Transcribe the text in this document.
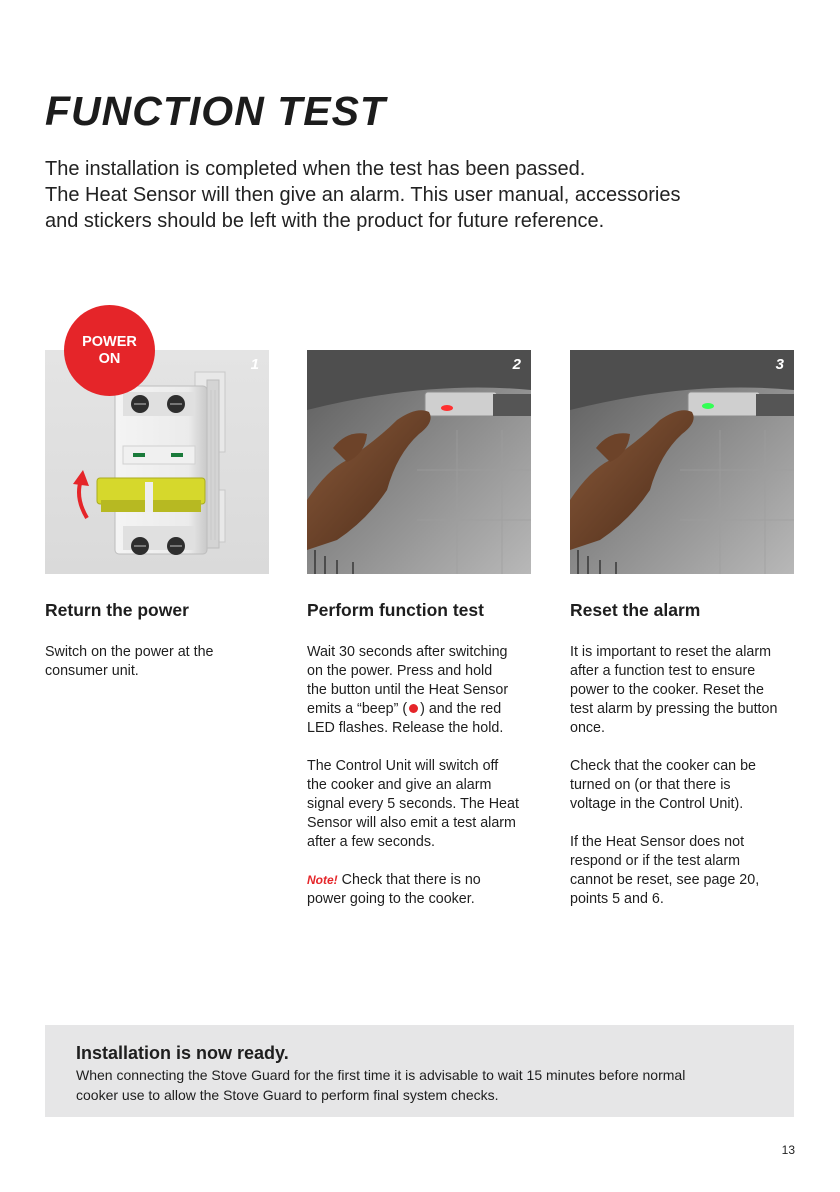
FUNCTION TEST
The installation is completed when the test has been passed.
The Heat Sensor will then give an alarm. This user manual, accessories
and stickers should be left with the product for future reference.
1	2	3
POWER
ON
Return the power

Switch on the power at the
consumer unit.

Perform function test

Wait 30 seconds after switching
on the power. Press and hold
the button until the Heat Sensor
emits a “beep” ( ) and the red
LED flashes. Release the hold.

The Control Unit will switch off
the cooker and give an alarm
signal every 5 seconds. The Heat
Sensor will also emit a test alarm
after a few seconds.

Note! Check that there is no
power going to the cooker.

Reset the alarm

It is important to reset the alarm
after a function test to ensure
power to the cooker. Reset the
test alarm by pressing the button
once.

Check that the cooker can be
turned on (or that there is
voltage in the Control Unit).

If the Heat Sensor does not
respond or if the test alarm
cannot be reset, see page 20,
points 5 and 6.

Installation is now ready.

When connecting the Stove Guard for the first time it is advisable to wait 15 minutes before normal
cooker use to allow the Stove Guard to perform final system checks.

13
